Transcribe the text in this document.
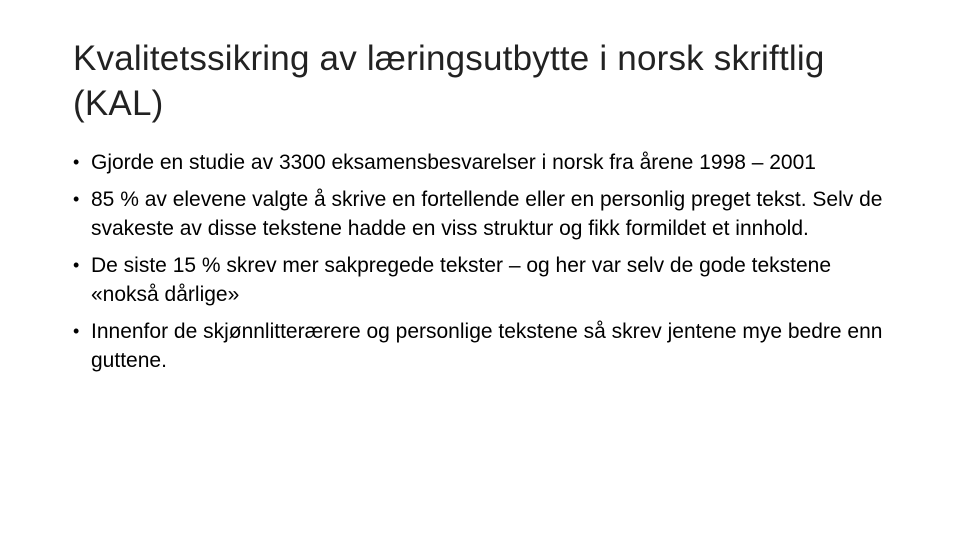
Kvalitetssikring av læringsutbytte i norsk skriftlig (KAL)
• Gjorde en studie av 3300 eksamensbesvarelser i norsk fra årene 1998 – 2001
• 85 % av elevene valgte å skrive en fortellende eller en personlig preget tekst. Selv de svakeste av disse tekstene hadde en viss struktur og fikk formildet et innhold.
• De siste 15 % skrev mer sakpregede tekster – og her var selv de gode tekstene «nokså dårlige»
• Innenfor de skjønnlitterærere og personlige tekstene så skrev jentene mye bedre enn guttene.
